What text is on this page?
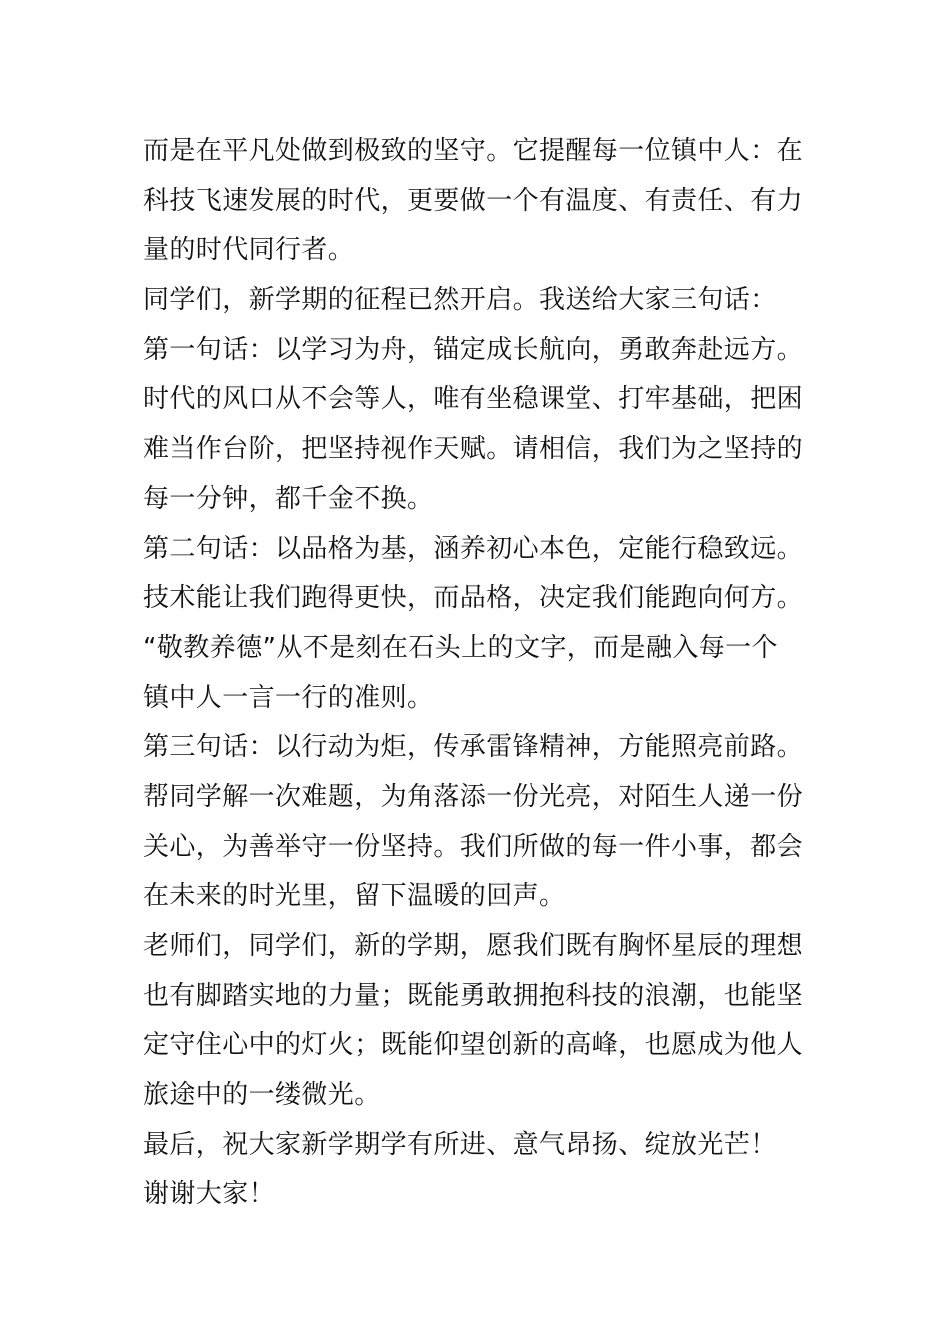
而是在平凡处做到极致的坚守。它提醒每一位镇中人：在
科技飞速发展的时代，更要做一个有温度、有责任、有力
量的时代同行者。
同学们，新学期的征程已然开启。我送给大家三句话：
第一句话：以学习为舟，锚定成长航向，勇敢奔赴远方。
时代的风口从不会等人，唯有坐稳课堂、打牢基础，把困
难当作台阶，把坚持视作天赋。请相信，我们为之坚持的
每一分钟，都千金不换。
第二句话：以品格为基，涵养初心本色，定能行稳致远。
技术能让我们跑得更快，而品格，决定我们能跑向何方。
“敬教养德”从不是刻在石头上的文字，而是融入每一个
镇中人一言一行的准则。
第三句话：以行动为炬，传承雷锋精神，方能照亮前路。
帮同学解一次难题，为角落添一份光亮，对陌生人递一份
关心，为善举守一份坚持。我们所做的每一件小事，都会
在未来的时光里，留下温暖的回声。
老师们，同学们，新的学期，愿我们既有胸怀星辰的理想
也有脚踏实地的力量；既能勇敢拥抱科技的浪潮，也能坚
定守住心中的灯火；既能仰望创新的高峰，也愿成为他人
旅途中的一缕微光。
最后，祝大家新学期学有所进、意气昂扬、绽放光芒！
谢谢大家！
